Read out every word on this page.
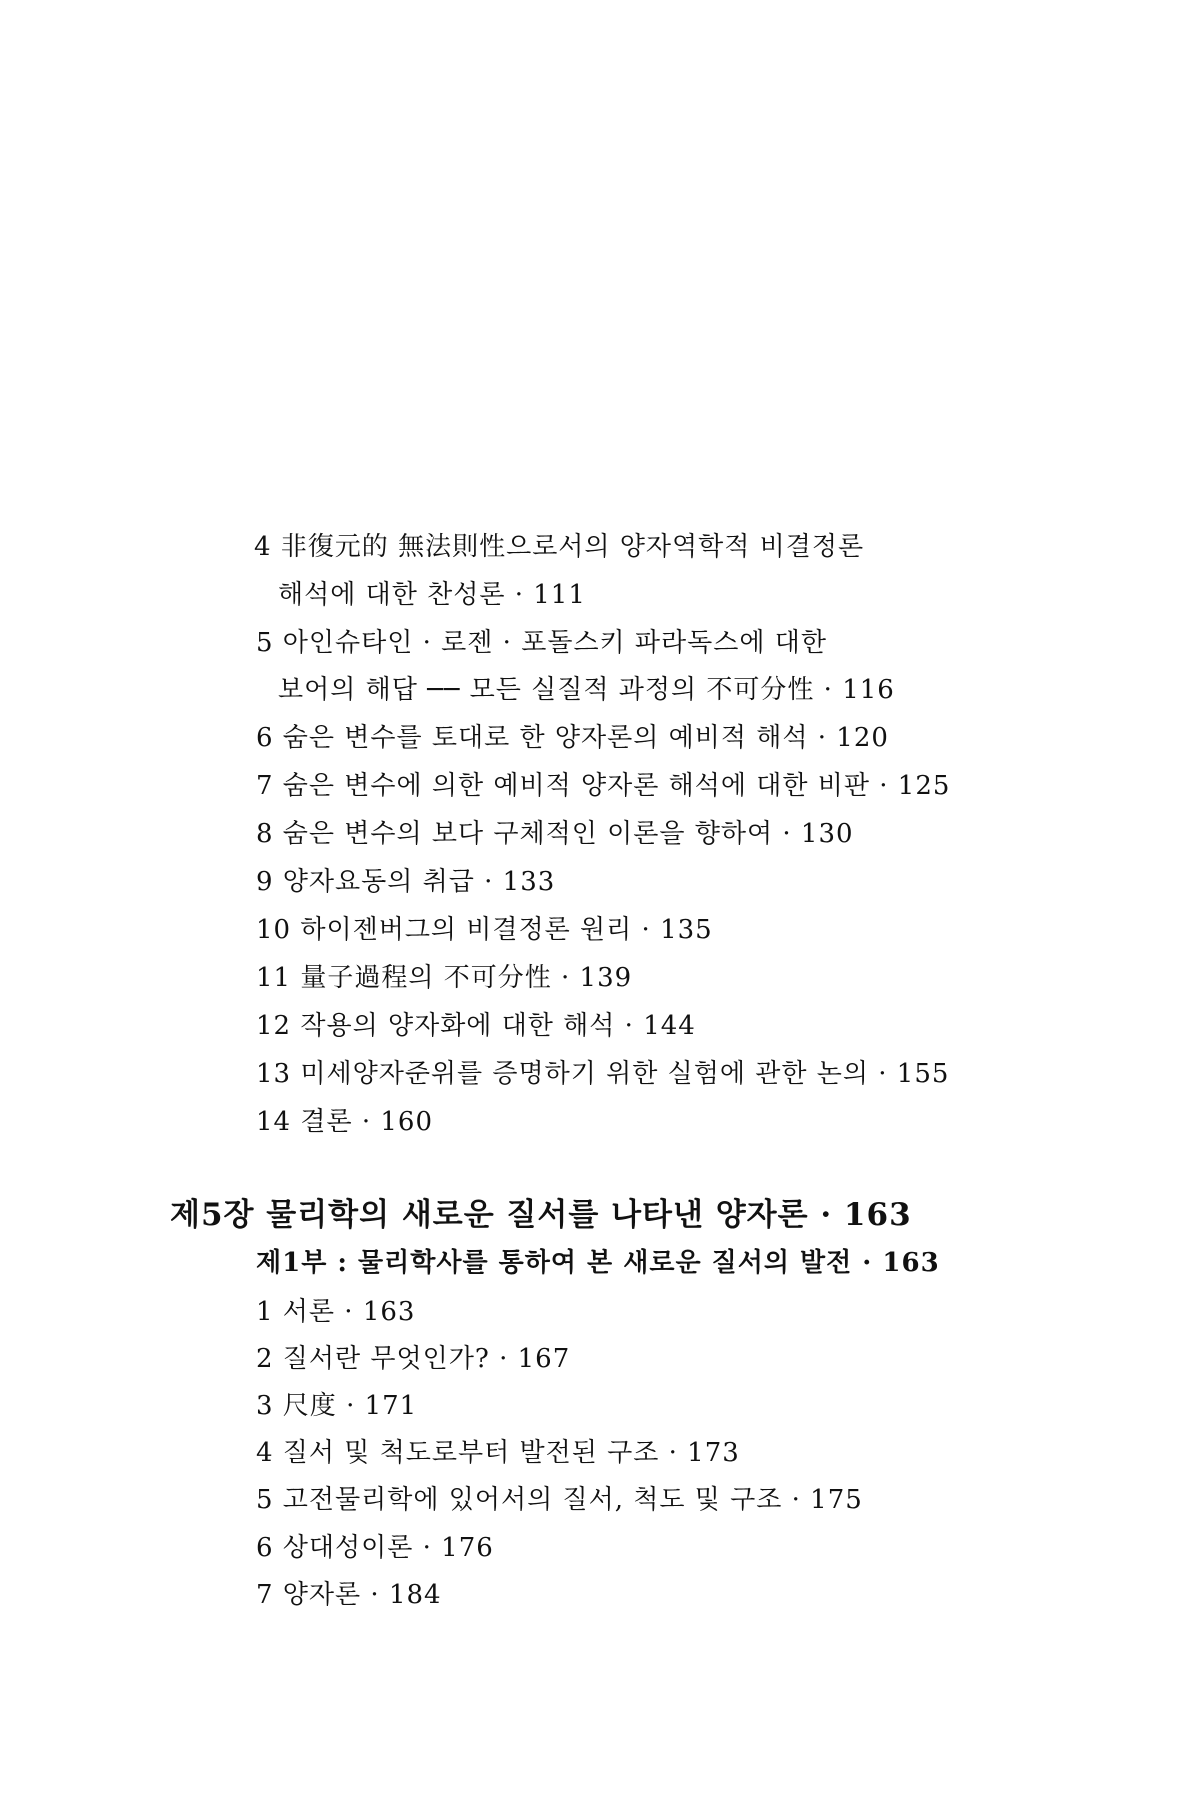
4 非復元的 無法則性으로서의 양자역학적 비결정론
해석에 대한 찬성론 · 111
5 아인슈타인 · 로젠 · 포돌스키 파라독스에 대한
보어의 해답 ── 모든 실질적 과정의 不可分性 · 116
6 숨은 변수를 토대로 한 양자론의 예비적 해석 · 120
7 숨은 변수에 의한 예비적 양자론 해석에 대한 비판 · 125
8 숨은 변수의 보다 구체적인 이론을 향하여 · 130
9 양자요동의 취급 · 133
10 하이젠버그의 비결정론 원리 · 135
11 量子過程의 不可分性 · 139
12 작용의 양자화에 대한 해석 · 144
13 미세양자준위를 증명하기 위한 실험에 관한 논의 · 155
14 결론 · 160
제5장 물리학의 새로운 질서를 나타낸 양자론 · 163
제1부 : 물리학사를 통하여 본 새로운 질서의 발전 · 163
1 서론 · 163
2 질서란 무엇인가? · 167
3 尺度 · 171
4 질서 및 척도로부터 발전된 구조 · 173
5 고전물리학에 있어서의 질서, 척도 및 구조 · 175
6 상대성이론 · 176
7 양자론 · 184
